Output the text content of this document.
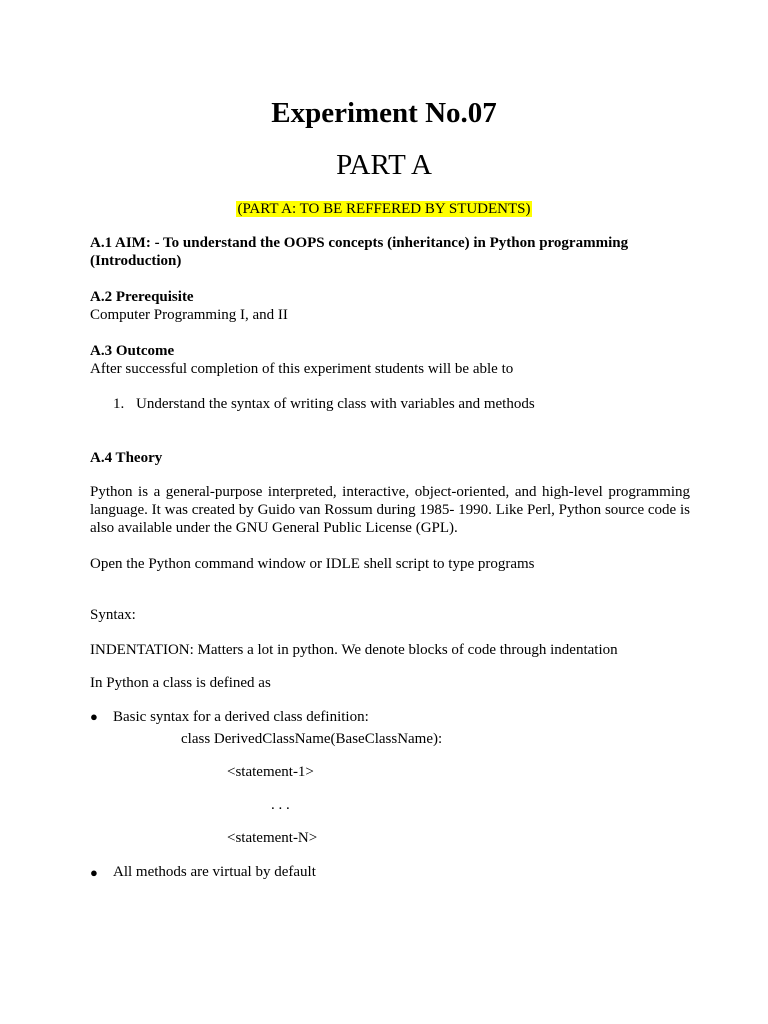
Experiment No.07
PART A
(PART A: TO BE REFFERED BY STUDENTS)
A.1 AIM: - To understand the OOPS concepts (inheritance) in Python programming
(Introduction)
A.2 Prerequisite
Computer Programming I, and II
A.3 Outcome
After successful completion of this experiment students will be able to
1. Understand the syntax of writing class with variables and methods
A.4 Theory
Python is a general-purpose interpreted, interactive, object-oriented, and high-level programming language. It was created by Guido van Rossum during 1985- 1990. Like Perl, Python source code is also available under the GNU General Public License (GPL).
Open the Python command window or IDLE shell script to type programs
Syntax:
INDENTATION: Matters a lot in python. We denote blocks of code through indentation
In Python a class is defined as
● Basic syntax for a derived class definition:
class DerivedClassName(BaseClassName):
<statement-1>
. . .
<statement-N>
● All methods are virtual by default
